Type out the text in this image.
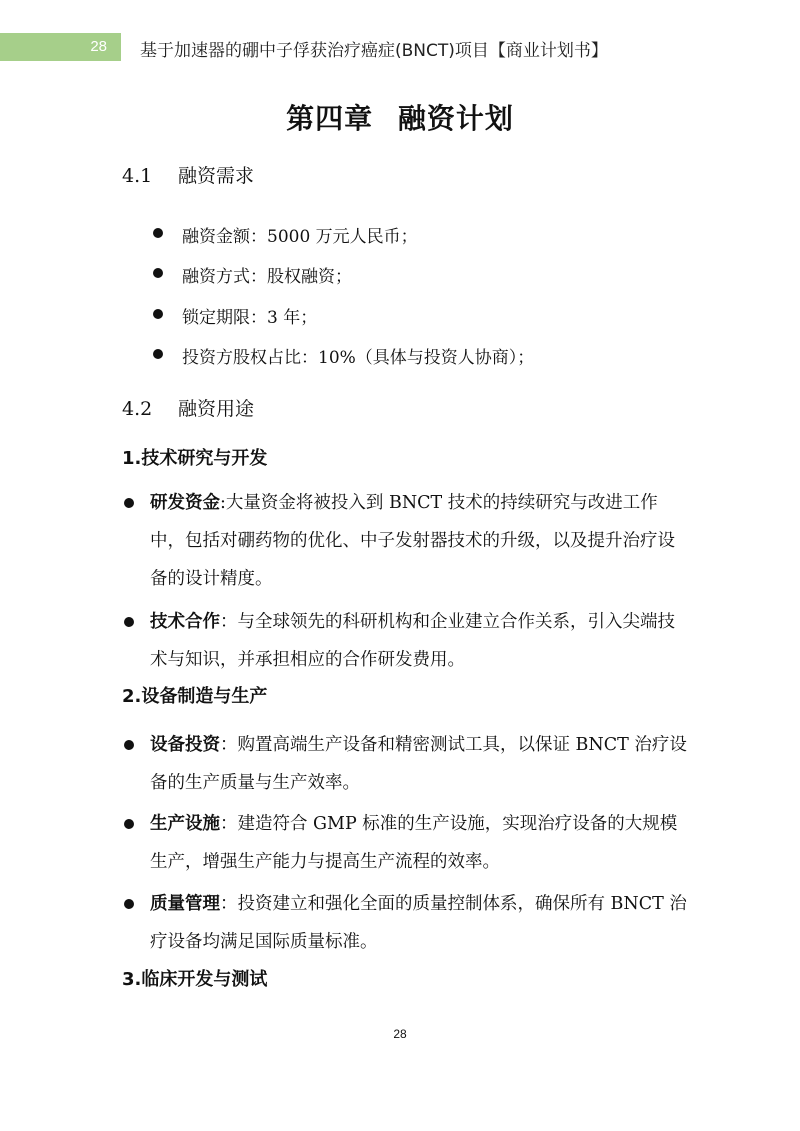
28	基于加速器的硼中子俘获治疗癌症(BNCT)项目【商业计划书】
第四章 融资计划
4.1 融资需求
融资金额：5000 万元人民币；
融资方式：股权融资；
锁定期限：3 年；
投资方股权占比：10%（具体与投资人协商）；
4.2 融资用途
1.技术研究与开发
研发资金:大量资金将被投入到 BNCT 技术的持续研究与改进工作中，包括对硼药物的优化、中子发射器技术的升级，以及提升治疗设备的设计精度。
技术合作：与全球领先的科研机构和企业建立合作关系，引入尖端技术与知识，并承担相应的合作研发费用。
2.设备制造与生产
设备投资：购置高端生产设备和精密测试工具，以保证 BNCT 治疗设备的生产质量与生产效率。
生产设施：建造符合 GMP 标准的生产设施，实现治疗设备的大规模生产，增强生产能力与提高生产流程的效率。
质量管理：投资建立和强化全面的质量控制体系，确保所有 BNCT 治疗设备均满足国际质量标准。
3.临床开发与测试
28
